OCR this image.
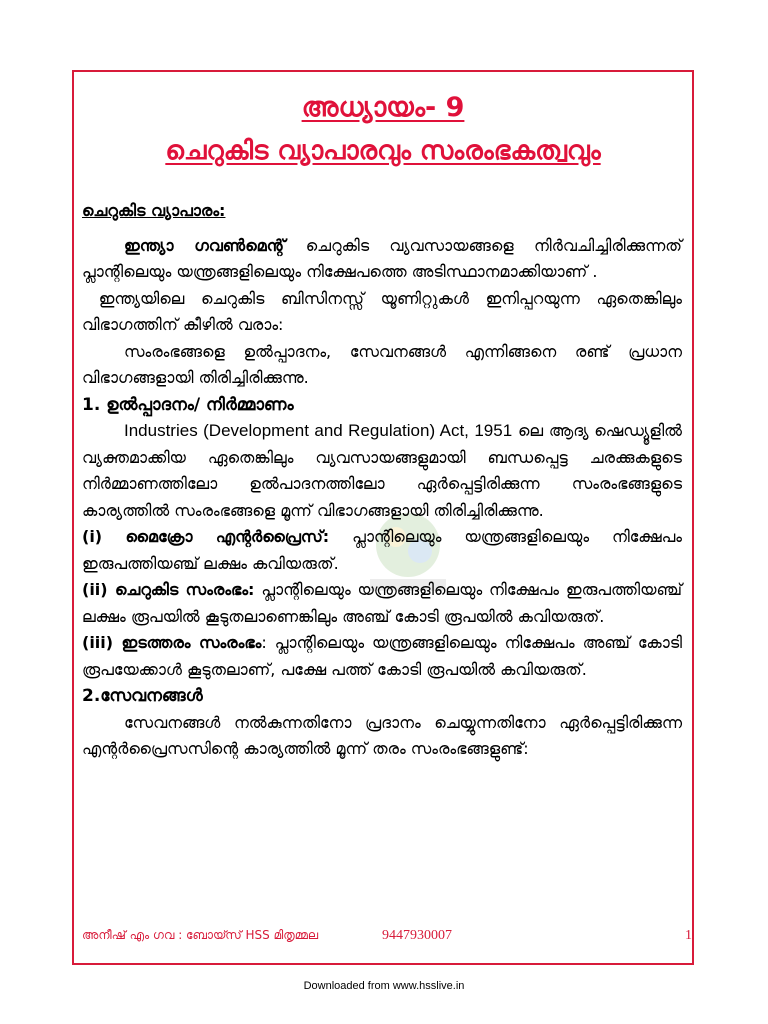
അധ്യായം- 9
ചെറുകിട വ്യാപാരവും സംരംഭകത്വവും

ചെറുകിട വ്യാപാരം:

ഇന്ത്യാ ഗവൺമെന്റ് ചെറുകിട വ്യവസായങ്ങളെ നിർവചിച്ചിരിക്കുന്നത് പ്ലാന്റിലെയും യന്ത്രങ്ങളിലെയും നിക്ഷേപത്തെ അടിസ്ഥാനമാക്കിയാണ് .

ഇന്ത്യയിലെ ചെറുകിട ബിസിനസ്സ് യൂണിറ്റുകൾ ഇനിപ്പറയുന്ന ഏതെങ്കിലും വിഭാഗത്തിന് കീഴിൽ വരാം:

സംരംഭങ്ങളെ ഉൽപ്പാദനം, സേവനങ്ങൾ എന്നിങ്ങനെ രണ്ട് പ്രധാന വിഭാഗങ്ങളായി തിരിച്ചിരിക്കുന്നു.

1. ഉൽപ്പാദനം/ നിർമ്മാണം

Industries (Development and Regulation) Act, 1951 ലെ ആദ്യ ഷെഡ്യൂളിൽ വ്യക്തമാക്കിയ ഏതെങ്കിലും വ്യവസായങ്ങളുമായി ബന്ധപ്പെട്ട ചരക്കുകളുടെ നിർമ്മാണത്തിലോ ഉൽപാദനത്തിലോ ഏർപ്പെട്ടിരിക്കുന്ന സംരംഭങ്ങളുടെ കാര്യത്തിൽ സംരംഭങ്ങളെ മൂന്ന് വിഭാഗങ്ങളായി തിരിച്ചിരിക്കുന്നു.

(i) മൈക്രോ എന്റർപ്രൈസ്: പ്ലാന്റിലെയും യന്ത്രങ്ങളിലെയും നിക്ഷേപം ഇരുപത്തിയഞ്ച് ലക്ഷം കവിയരുത്.

(ii) ചെറുകിട സംരംഭം: പ്ലാന്റിലെയും യന്ത്രങ്ങളിലെയും നിക്ഷേപം ഇരുപത്തിയഞ്ച് ലക്ഷം രൂപയിൽ കൂടുതലാണെങ്കിലും അഞ്ച് കോടി രൂപയിൽ കവിയരുത്.

(iii) ഇടത്തരം സംരംഭം: പ്ലാന്റിലെയും യന്ത്രങ്ങളിലെയും നിക്ഷേപം അഞ്ച് കോടി രൂപയേക്കാൾ കൂടുതലാണ്, പക്ഷേ പത്ത് കോടി രൂപയിൽ കവിയരുത്.

2.സേവനങ്ങൾ

സേവനങ്ങൾ നൽകുന്നതിനോ പ്രദാനം ചെയ്യുന്നതിനോ ഏർപ്പെട്ടിരിക്കുന്ന എന്റർപ്രൈസസിന്റെ കാര്യത്തിൽ മൂന്ന് തരം സംരംഭങ്ങളുണ്ട്:

അനീഷ് എം ഗവ : ബോയ്സ് HSS മിതൃമ്മല	9447930007	1
Downloaded from www.hsslive.in
